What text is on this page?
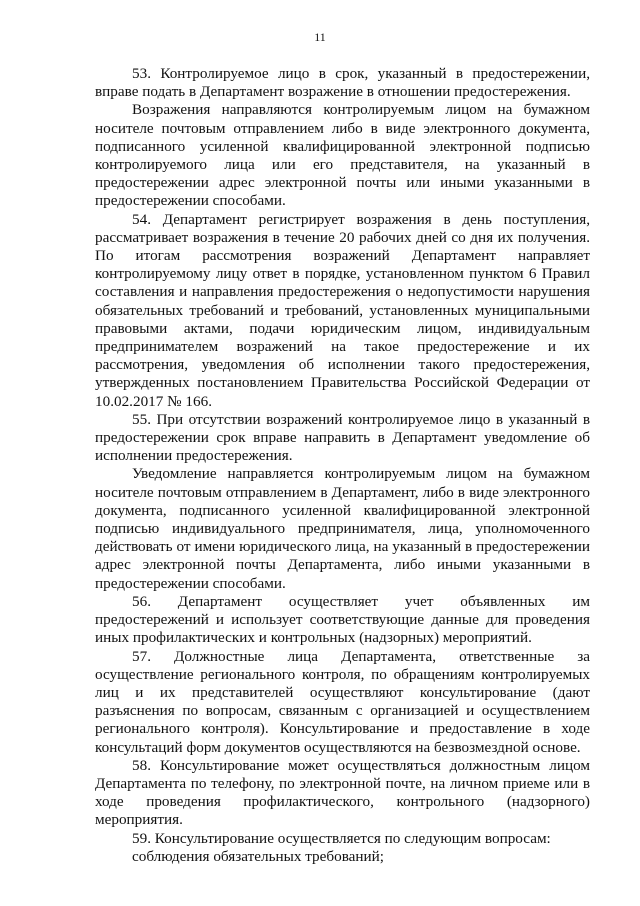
11

53. Контролируемое лицо в срок, указанный в предостережении, вправе подать в Департамент возражение в отношении предостережения.

Возражения направляются контролируемым лицом на бумажном носителе почтовым отправлением либо в виде электронного документа, подписанного усиленной квалифицированной электронной подписью контролируемого лица или его представителя, на указанный в предостережении адрес электронной почты или иными указанными в предостережении способами.

54. Департамент регистрирует возражения в день поступления, рассматривает возражения в течение 20 рабочих дней со дня их получения. По итогам рассмотрения возражений Департамент направляет контролируемому лицу ответ в порядке, установленном пунктом 6 Правил составления и направления предостережения о недопустимости нарушения обязательных требований и требований, установленных муниципальными правовыми актами, подачи юридическим лицом, индивидуальным предпринимателем возражений на такое предостережение и их рассмотрения, уведомления об исполнении такого предостережения, утвержденных постановлением Правительства Российской Федерации от 10.02.2017 № 166.

55. При отсутствии возражений контролируемое лицо в указанный в предостережении срок вправе направить в Департамент уведомление об исполнении предостережения.

Уведомление направляется контролируемым лицом на бумажном носителе почтовым отправлением в Департамент, либо в виде электронного документа, подписанного усиленной квалифицированной электронной подписью индивидуального предпринимателя, лица, уполномоченного действовать от имени юридического лица, на указанный в предостережении адрес электронной почты Департамента, либо иными указанными в предостережении способами.

56. Департамент осуществляет учет объявленных им предостережений и использует соответствующие данные для проведения иных профилактических и контрольных (надзорных) мероприятий.

57. Должностные лица Департамента, ответственные за осуществление регионального контроля, по обращениям контролируемых лиц и их представителей осуществляют консультирование (дают разъяснения по вопросам, связанным с организацией и осуществлением регионального контроля). Консультирование и предоставление в ходе консультаций форм документов осуществляются на безвозмездной основе.

58. Консультирование может осуществляться должностным лицом Департамента по телефону, по электронной почте, на личном приеме или в ходе проведения профилактического, контрольного (надзорного) мероприятия.

59. Консультирование осуществляется по следующим вопросам:

соблюдения обязательных требований;
